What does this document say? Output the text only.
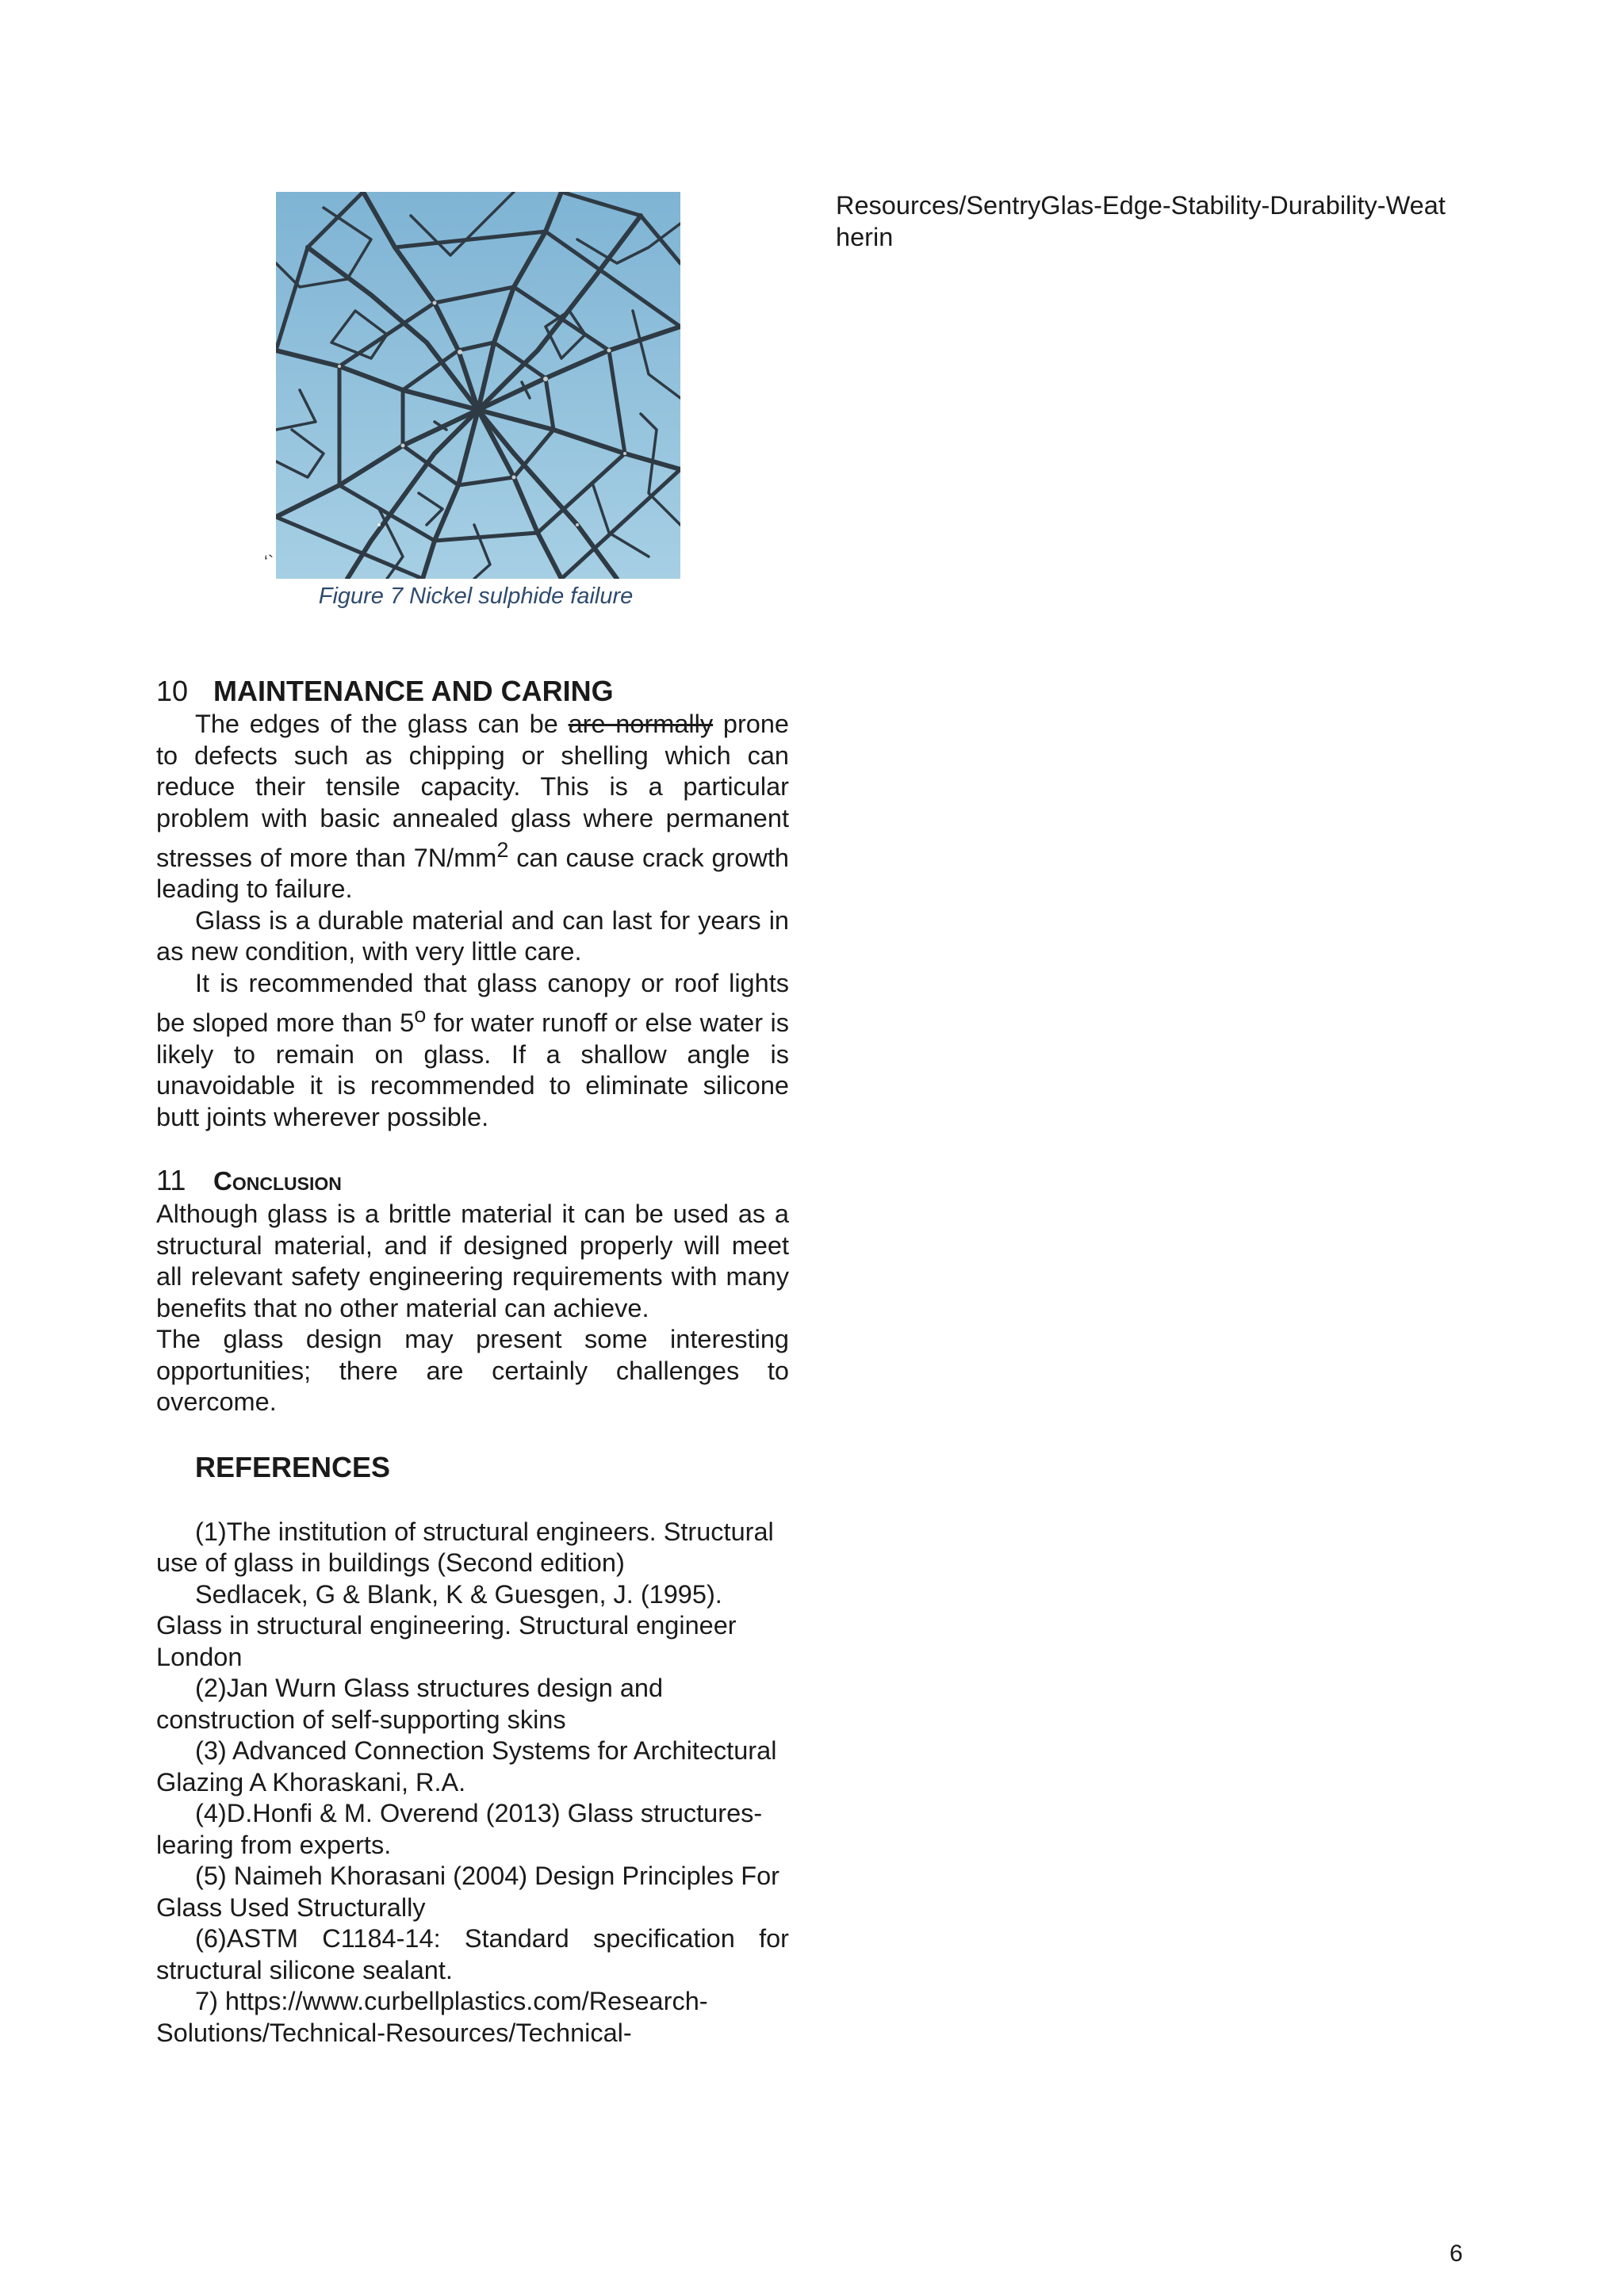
‘`
Figure 7 Nickel sulphide failure
10 MAINTENANCE AND CARING

The edges of the glass can be are normally prone to defects such as chipping or shelling which can reduce their tensile capacity. This is a particular problem with basic annealed glass where permanent stresses of more than $7N/mm^2$ can cause crack growth leading to failure.

Glass is a durable material and can last for years in as new condition, with very little care.

It is recommended that glass canopy or roof lights be sloped more than 5$^o$ for water runoff or else water is likely to remain on glass. If a shallow angle is unavoidable it is recommended to eliminate silicone butt joints wherever possible.

11 Conclusion

Although glass is a brittle material it can be used as a structural material, and if designed properly will meet all relevant safety engineering requirements with many benefits that no other material can achieve.

The glass design may present some interesting opportunities; there are certainly challenges to overcome.

REFERENCES

(1)The institution of structural engineers. Structural use of glass in buildings (Second edition)

Sedlacek, G & Blank, K & Guesgen, J. (1995). Glass in structural engineering. Structural engineer London

(2)Jan Wurn Glass structures design and construction of self-supporting skins

(3) Advanced Connection Systems for Architectural Glazing A Khoraskani, R.A.

(4)D.Honfi & M. Overend (2013) Glass structures-learing from experts.

(5) Naimeh Khorasani (2004) Design Principles For Glass Used Structurally

(6)ASTM C1184-14: Standard specification for structural silicone sealant.

7) https://www.curbellplastics.com/Research-Solutions/Technical-Resources/Technical-

Resources/SentryGlas-Edge-Stability-Durability-Weatherin

6
